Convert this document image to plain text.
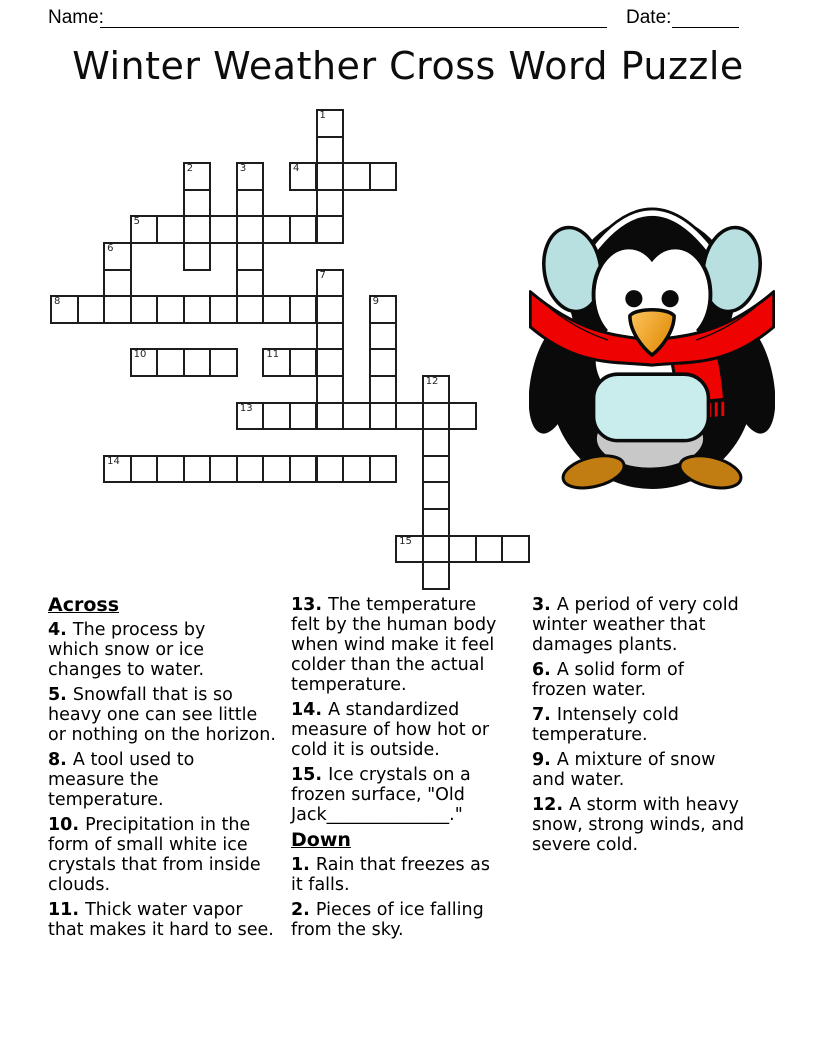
Name:	Date:
Winter Weather Cross Word Puzzle
1
2	3	4
5
6
7
8	9
10	11
12
13
14
15
Across
4. The process by
which snow or ice
changes to water.
5. Snowfall that is so
heavy one can see little
or nothing on the horizon.
8. A tool used to
measure the
temperature.
10. Precipitation in the
form of small white ice
crystals that from inside
clouds.
11. Thick water vapor
that makes it hard to see.
13. The temperature
felt by the human body
when wind make it feel
colder than the actual
temperature.
14. A standardized
measure of how hot or
cold it is outside.
15. Ice crystals on a
frozen surface, "Old
Jack______________."
Down
1. Rain that freezes as
it falls.
2. Pieces of ice falling
from the sky.
3. A period of very cold
winter weather that
damages plants.
6. A solid form of
frozen water.
7. Intensely cold
temperature.
9. A mixture of snow
and water.
12. A storm with heavy
snow, strong winds, and
severe cold.
